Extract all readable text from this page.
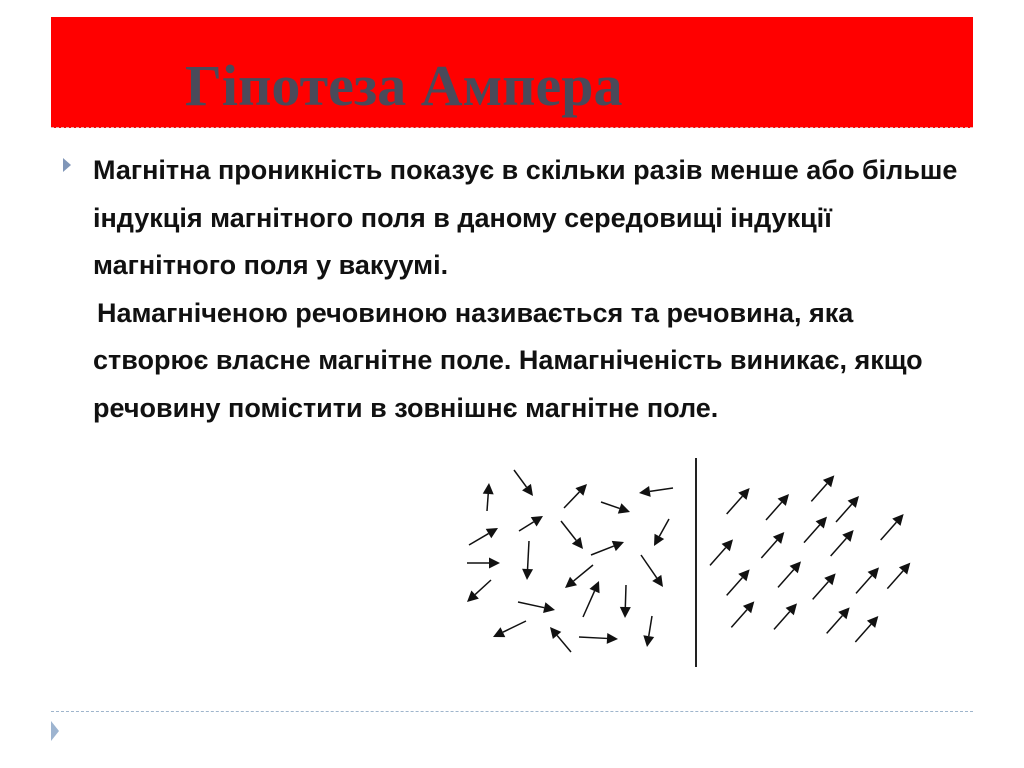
Гіпотеза Ампера
Магнітна проникність показує в скільки разів менше або більше індукція магнітного поля в даному середовищі індукції магнітного поля у вакуумі.
Намагніченою речовиною називається та речовина, яка створює власне магнітне поле. Намагніченість виникає, якщо речовину помістити в зовнішнє магнітне поле.
